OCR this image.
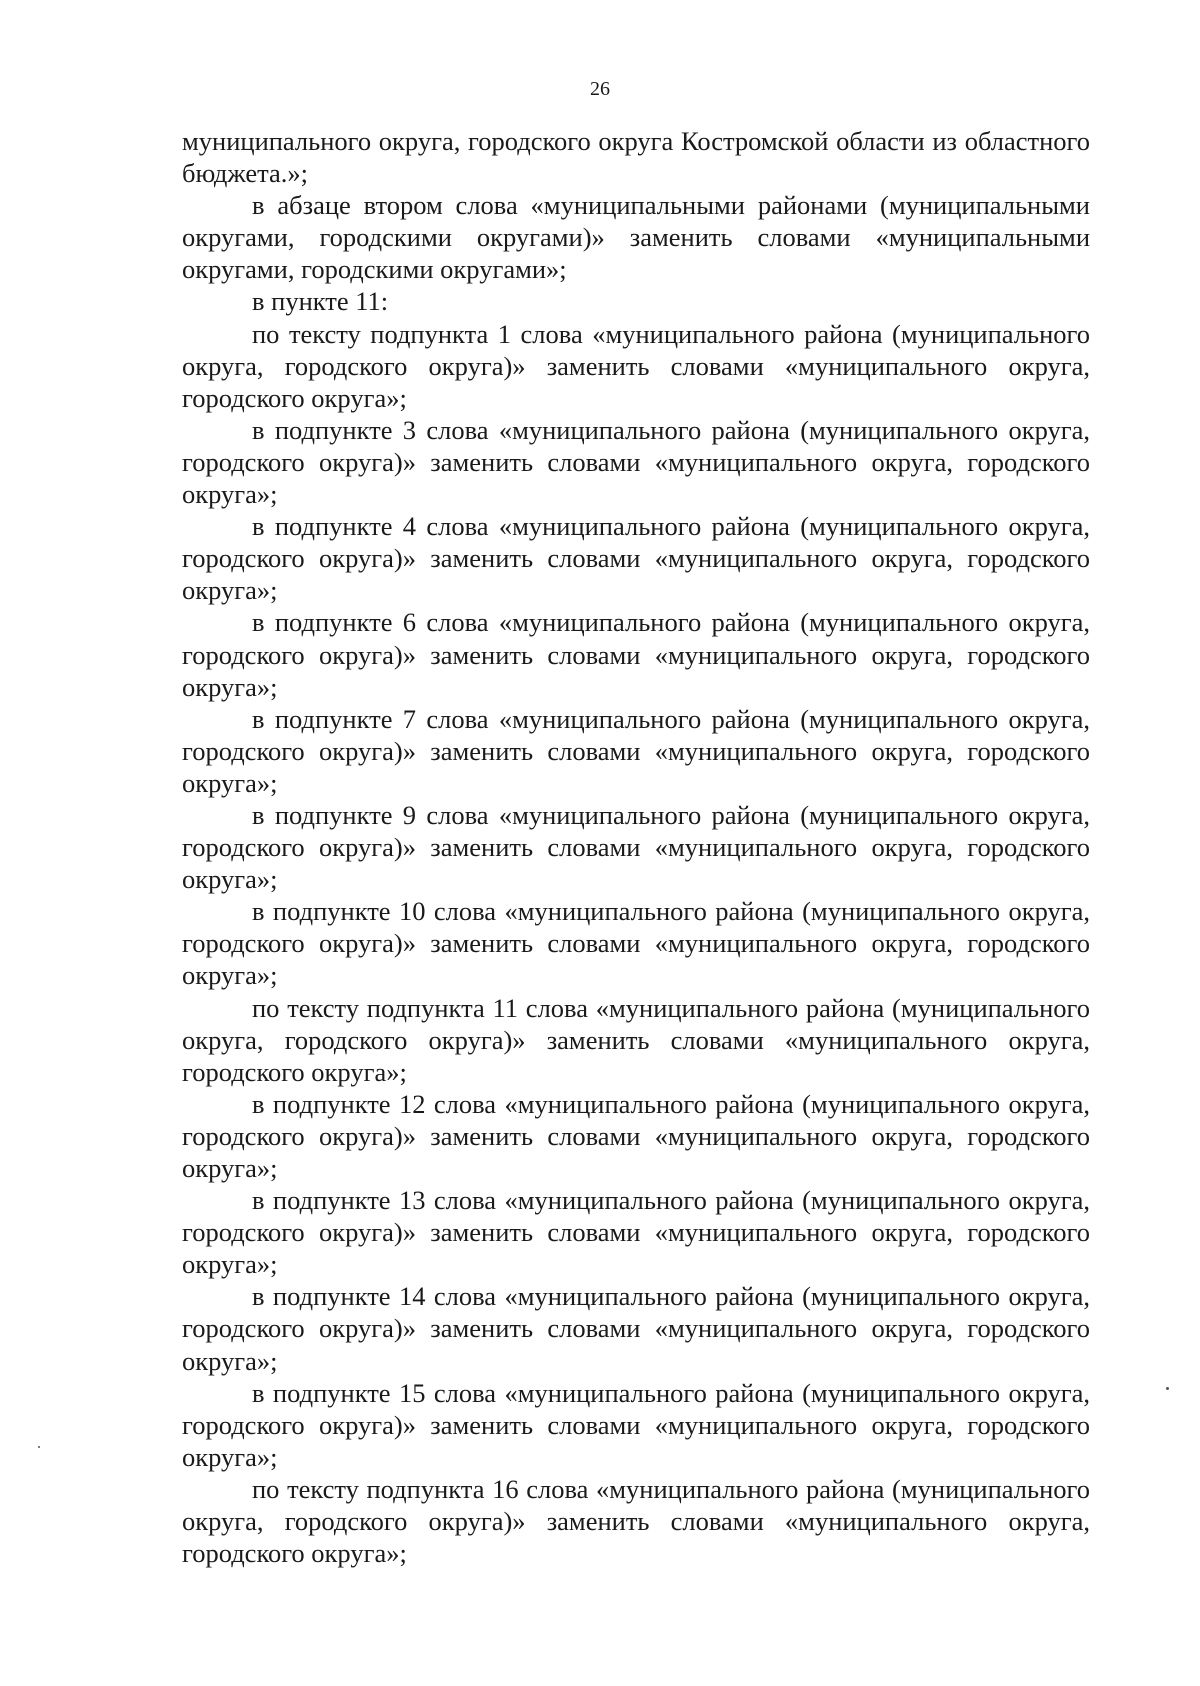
26

муниципального округа, городского округа Костромской области из областного бюджета.»;

в абзаце втором слова «муниципальными районами (муниципальными округами, городскими округами)» заменить словами «муниципальными округами, городскими округами»;

в пункте 11:

по тексту подпункта 1 слова «муниципального района (муниципального округа, городского округа)» заменить словами «муниципального округа, городского округа»;

в подпункте 3 слова «муниципального района (муниципального округа, городского округа)» заменить словами «муниципального округа, городского округа»;

в подпункте 4 слова «муниципального района (муниципального округа, городского округа)» заменить словами «муниципального округа, городского округа»;

в подпункте 6 слова «муниципального района (муниципального округа, городского округа)» заменить словами «муниципального округа, городского округа»;

в подпункте 7 слова «муниципального района (муниципального округа, городского округа)» заменить словами «муниципального округа, городского округа»;

в подпункте 9 слова «муниципального района (муниципального округа, городского округа)» заменить словами «муниципального округа, городского округа»;

в подпункте 10 слова «муниципального района (муниципального округа, городского округа)» заменить словами «муниципального округа, городского округа»;

по тексту подпункта 11 слова «муниципального района (муниципального округа, городского округа)» заменить словами «муниципального округа, городского округа»;

в подпункте 12 слова «муниципального района (муниципального округа, городского округа)» заменить словами «муниципального округа, городского округа»;

в подпункте 13 слова «муниципального района (муниципального округа, городского округа)» заменить словами «муниципального округа, городского округа»;

в подпункте 14 слова «муниципального района (муниципального округа, городского округа)» заменить словами «муниципального округа, городского округа»;

в подпункте 15 слова «муниципального района (муниципального округа, городского округа)» заменить словами «муниципального округа, городского округа»;

по тексту подпункта 16 слова «муниципального района (муниципального округа, городского округа)» заменить словами «муниципального округа, городского округа»;
